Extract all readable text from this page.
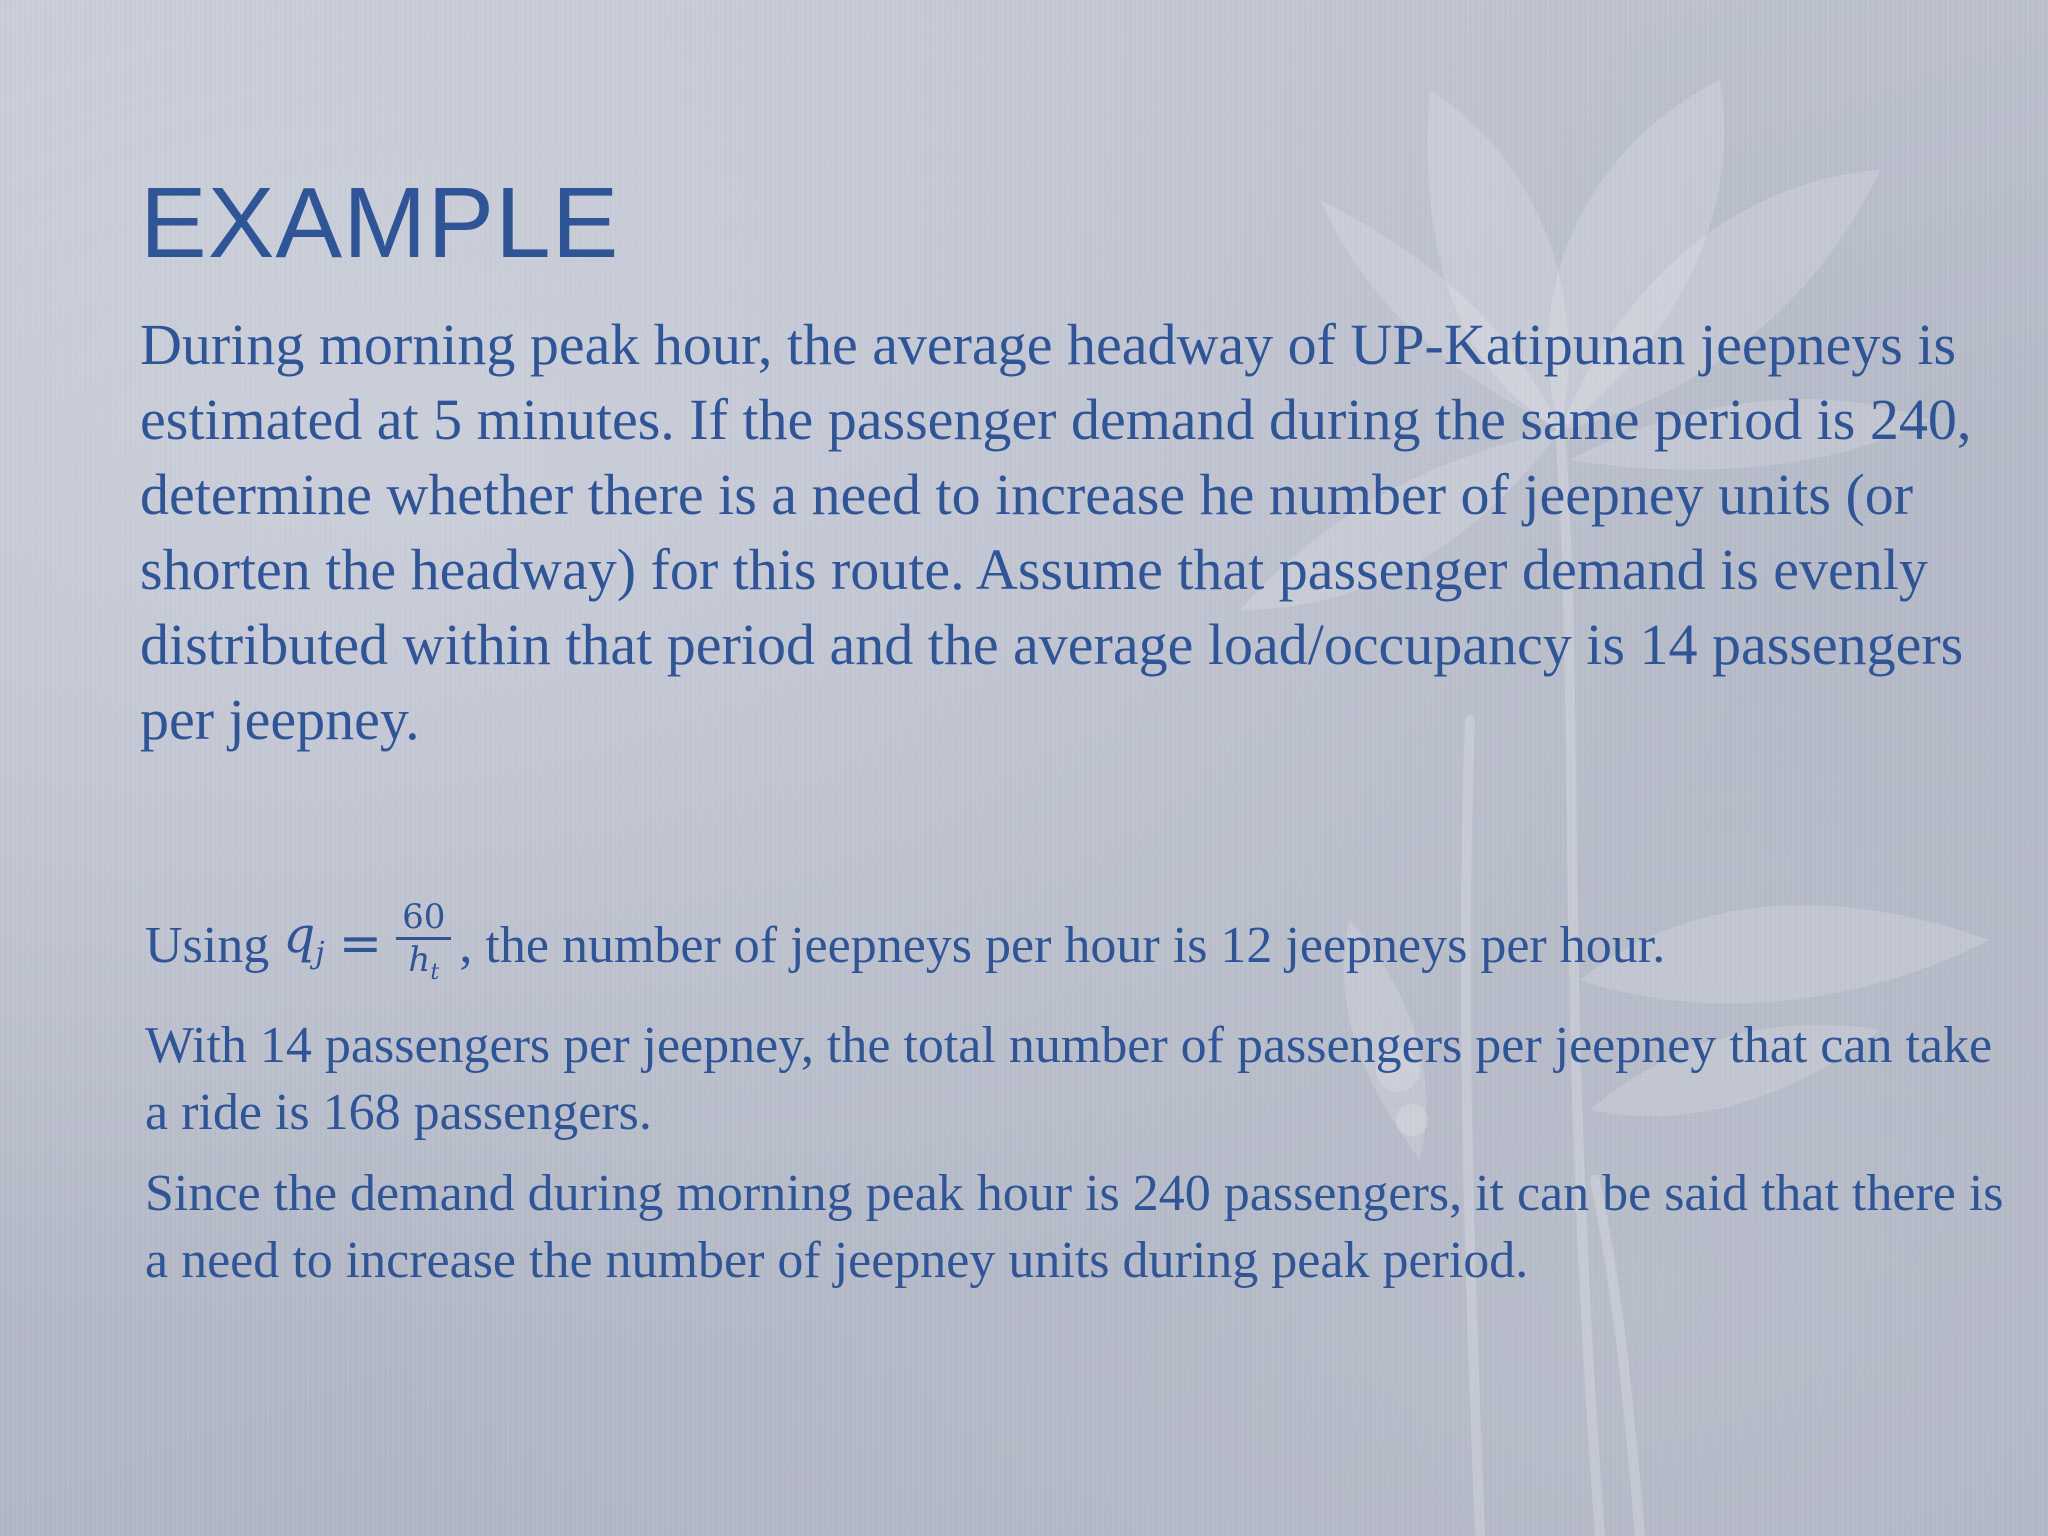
EXAMPLE

During morning peak hour, the average headway of UP-Katipunan jeepneys is estimated at 5 minutes. If the passenger demand during the same period is 240, determine whether there is a need to increase he number of jeepney units (or shorten the headway) for this route. Assume that passenger demand is evenly distributed within that period and the average load/occupancy is 14 passengers per jeepney.

Using $q_j = \frac{60}{h_t}$ , the number of jeepneys per hour is 12 jeepneys per hour.

With 14 passengers per jeepney, the total number of passengers per jeepney that can take a ride is 168 passengers.

Since the demand during morning peak hour is 240 passengers, it can be said that there is a need to increase the number of jeepney units during peak period.
